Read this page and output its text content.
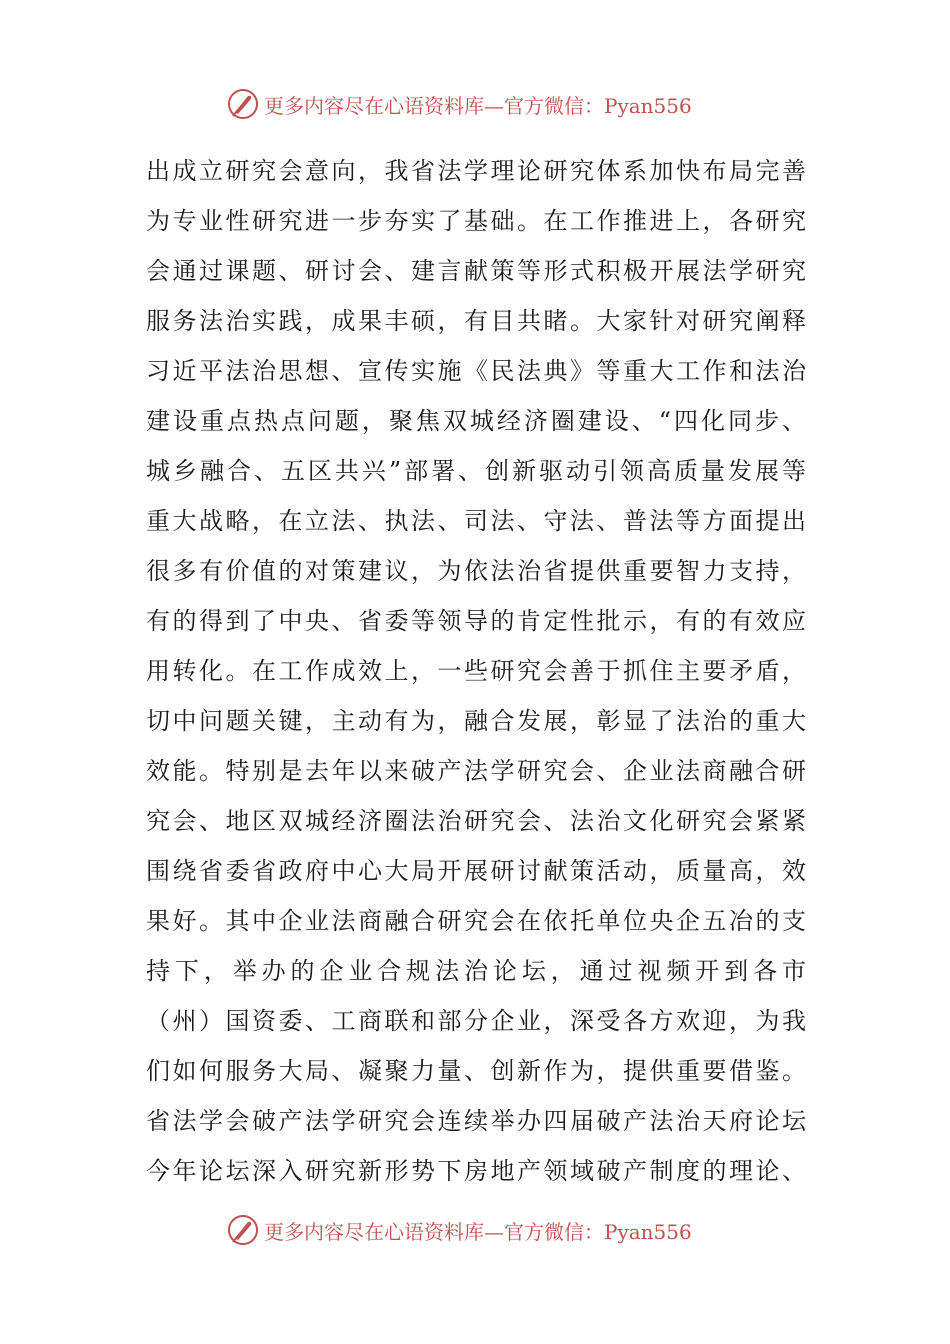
更多内容尽在心语资料库—官方微信：Pyan556
出成立研究会意向，我省法学理论研究体系加快布局完善
为专业性研究进一步夯实了基础。在工作推进上，各研究
会通过课题、研讨会、建言献策等形式积极开展法学研究
服务法治实践，成果丰硕，有目共睹。大家针对研究阐释
习近平法治思想、宣传实施《民法典》等重大工作和法治
建设重点热点问题，聚焦双城经济圈建设、“四化同步、
城乡融合、五区共兴”部署、创新驱动引领高质量发展等
重大战略，在立法、执法、司法、守法、普法等方面提出
很多有价值的对策建议，为依法治省提供重要智力支持，
有的得到了中央、省委等领导的肯定性批示，有的有效应
用转化。在工作成效上，一些研究会善于抓住主要矛盾，
切中问题关键，主动有为，融合发展，彰显了法治的重大
效能。特别是去年以来破产法学研究会、企业法商融合研
究会、地区双城经济圈法治研究会、法治文化研究会紧紧
围绕省委省政府中心大局开展研讨献策活动，质量高，效
果好。其中企业法商融合研究会在依托单位央企五冶的支
持下，举办的企业合规法治论坛，通过视频开到各市
（州）国资委、工商联和部分企业，深受各方欢迎，为我
们如何服务大局、凝聚力量、创新作为，提供重要借鉴。
省法学会破产法学研究会连续举办四届破产法治天府论坛
今年论坛深入研究新形势下房地产领域破产制度的理论、
更多内容尽在心语资料库—官方微信：Pyan556
